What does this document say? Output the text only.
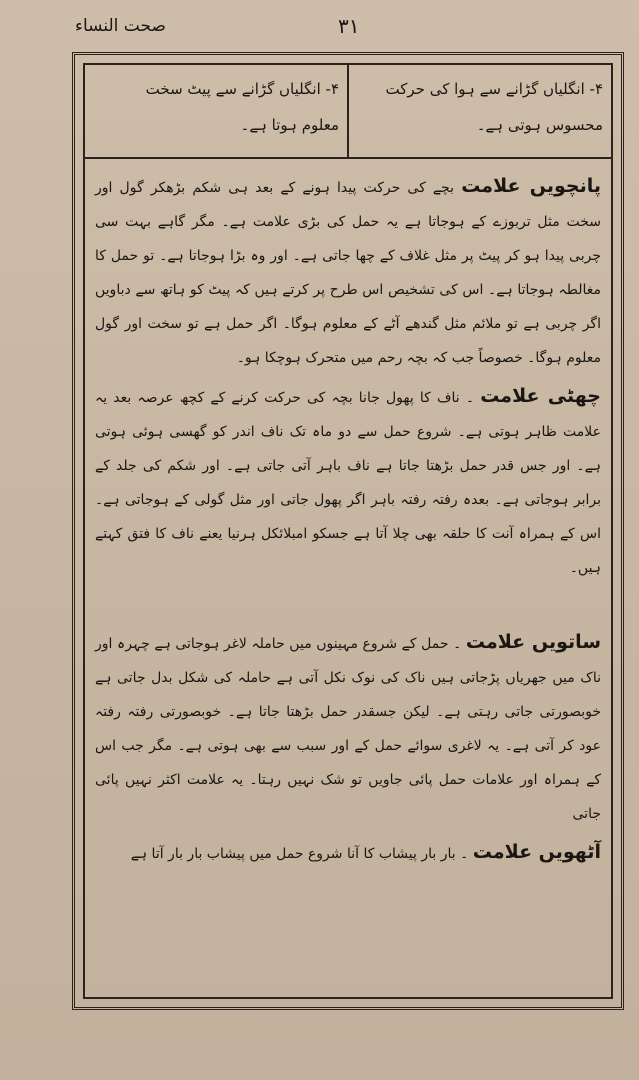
صحت النساء	۳۱
۴- انگلیاں گڑانے سے ہوا کی حرکت
محسوس ہوتی ہے۔
۴- انگلیاں گڑانے سے پیٹ سخت
معلوم ہوتا ہے۔

پانچویں علامت بچے کی حرکت پیدا ہونے کے بعد ہی شکم بڑھکر گول اور سخت مثل تربوزے کے ہوجاتا ہے یہ حمل کی بڑی علامت ہے۔ مگر گاہے بہت سی چربی پیدا ہو کر پیٹ پر مثل غلاف کے چھا جاتی ہے۔ اور وہ بڑا ہوجاتا ہے۔ تو حمل کا مغالطہ ہوجاتا ہے۔ اس کی تشخیص اس طرح پر کرتے ہیں کہ پیٹ کو ہاتھ سے دباویں اگر چربی ہے تو ملائم مثل گندھے آٹے کے معلوم ہوگا۔ اگر حمل ہے تو سخت اور گول معلوم ہوگا۔ خصوصاً جب کہ بچہ رحم میں متحرک ہوچکا ہو۔

چھٹی علامت ۔ ناف کا پھول جانا بچہ کی حرکت کرنے کے کچھ عرصہ بعد یہ علامت ظاہر ہوتی ہے۔ شروع حمل سے دو ماہ تک ناف اندر کو گھسی ہوئی ہوتی ہے۔ اور جس قدر حمل بڑھتا جاتا ہے ناف باہر آتی جاتی ہے۔ اور شکم کی جلد کے برابر ہوجاتی ہے۔ بعدہ رفتہ رفتہ باہر اگر پھول جاتی اور مثل گولی کے ہوجاتی ہے۔ اس کے ہمراہ آنت کا حلقہ بھی چلا آتا ہے جسکو امبلائکل ہرنیا یعنے ناف کا فتق کہتے ہیں۔

ساتویں علامت ۔ حمل کے شروع مہینوں میں حاملہ لاغر ہوجاتی ہے چہرہ اور ناک میں جھریاں پڑجاتی ہیں ناک کی نوک نکل آتی ہے حاملہ کی شکل بدل جاتی ہے خوبصورتی جاتی رہتی ہے۔ لیکن جسقدر حمل بڑھتا جاتا ہے۔ خوبصورتی رفتہ رفتہ عود کر آتی ہے۔ یہ لاغری سوائے حمل کے اور سبب سے بھی ہوتی ہے۔ مگر جب اس کے ہمراہ اور علامات حمل پائی جاویں تو شک نہیں رہتا۔ یہ علامت اکثر نہیں پائی جاتی

آٹھویں علامت ۔ بار بار پیشاب کا آنا شروع حمل میں پیشاب بار بار آتا ہے
